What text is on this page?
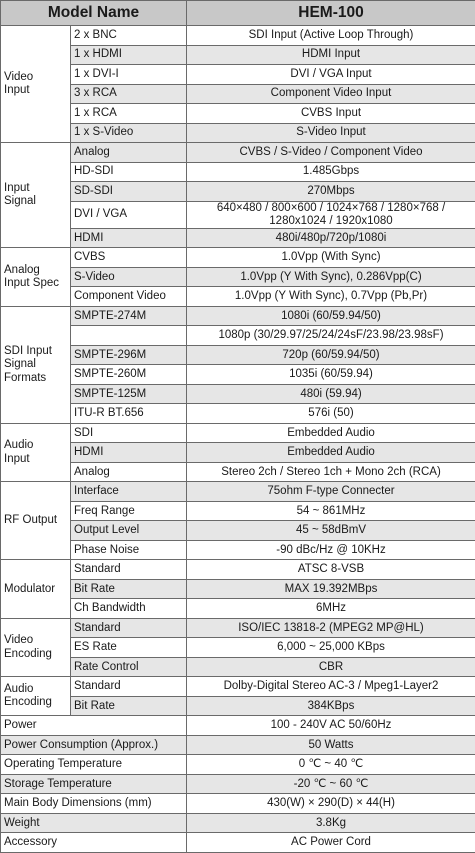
Model Name		HEM-100
Video
Input	2 x BNC	SDI Input (Active Loop Through)
	1 x HDMI	HDMI Input
	1 x DVI-I	DVI / VGA Input
	3 x RCA	Component Video Input
	1 x RCA	CVBS Input
	1 x S-Video	S-Video Input
Input
Signal	Analog	CVBS / S-Video / Component Video
	HD-SDI	1.485Gbps
	SD-SDI	270Mbps
	DVI / VGA	640×480 / 800×600 / 1024×768 / 1280×768 /
1280x1024 / 1920x1080
	HDMI	480i/480p/720p/1080i
Analog
Input Spec	CVBS	1.0Vpp (With Sync)
	S-Video	1.0Vpp (Y With Sync), 0.286Vpp(C)
	Component Video	1.0Vpp (Y With Sync), 0.7Vpp (Pb,Pr)
SDI Input
Signal
Formats	SMPTE-274M	1080i (60/59.94/50)
		1080p (30/29.97/25/24/24sF/23.98/23.98sF)
	SMPTE-296M	720p (60/59.94/50)
	SMPTE-260M	1035i (60/59.94)
	SMPTE-125M	480i (59.94)
	ITU-R BT.656	576i (50)
Audio
Input	SDI	Embedded Audio
	HDMI	Embedded Audio
	Analog	Stereo 2ch / Stereo 1ch + Mono 2ch (RCA)
RF Output	Interface	75ohm F-type Connecter
	Freq Range	54 ~ 861MHz
	Output Level	45 ~ 58dBmV
	Phase Noise	-90 dBc/Hz @ 10KHz
Modulator	Standard	ATSC 8-VSB
	Bit Rate	MAX 19.392MBps
	Ch Bandwidth	6MHz
Video
Encoding	Standard	ISO/IEC 13818-2 (MPEG2 MP@HL)
	ES Rate	6,000 ~ 25,000 KBps
	Rate Control	CBR
Audio
Encoding	Standard	Dolby-Digital Stereo AC-3 / Mpeg1-Layer2
	Bit Rate	384KBps
Power		100 - 240V AC 50/60Hz
Power Consumption (Approx.)		50 Watts
Operating Temperature		0 ℃ ~ 40 ℃
Storage Temperature		-20 ℃ ~ 60 ℃
Main Body Dimensions (mm)		430(W) × 290(D) × 44(H)
Weight		3.8Kg
Accessory		AC Power Cord
